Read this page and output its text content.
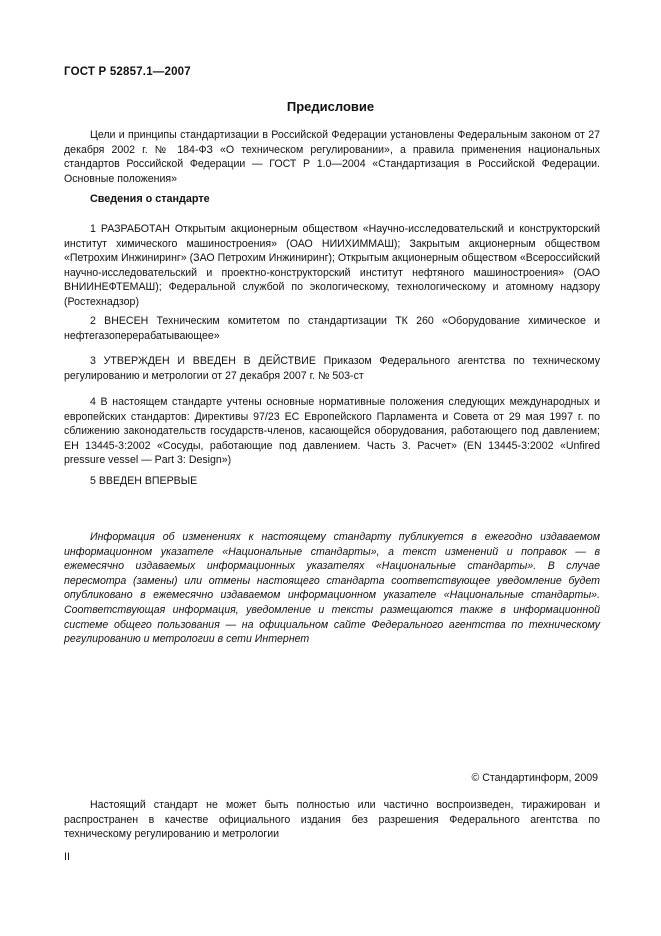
ГОСТ Р 52857.1—2007
Предисловие

Цели и принципы стандартизации в Российской Федерации установлены Федеральным законом от 27 декабря 2002 г. № 184-ФЗ «О техническом регулировании», а правила применения национальных стандартов Российской Федерации — ГОСТ Р 1.0—2004 «Стандартизация в Российской Федерации. Основные положения»

Сведения о стандарте

1 РАЗРАБОТАН Открытым акционерным обществом «Научно-исследовательский и конструкторский институт химического машиностроения» (ОАО НИИХИММАШ); Закрытым акционерным обществом «Петрохим Инжиниринг» (ЗАО Петрохим Инжиниринг); Открытым акционерным обществом «Всероссийский научно-исследовательский и проектно-конструкторский институт нефтяного машиностроения» (ОАО ВНИИНЕФТЕМАШ); Федеральной службой по экологическому, технологическому и атомному надзору (Ростехнадзор)

2 ВНЕСЕН Техническим комитетом по стандартизации ТК 260 «Оборудование химическое и нефтегазоперерабатывающее»

3 УТВЕРЖДЕН И ВВЕДЕН В ДЕЙСТВИЕ Приказом Федерального агентства по техническому регулированию и метрологии от 27 декабря 2007 г. № 503-ст

4 В настоящем стандарте учтены основные нормативные положения следующих международных и европейских стандартов: Директивы 97/23 ЕС Европейского Парламента и Совета от 29 мая 1997 г. по сближению законодательств государств-членов, касающейся оборудования, работающего под давлением; ЕН 13445-3:2002 «Сосуды, работающие под давлением. Часть 3. Расчет» (EN 13445-3:2002 «Unfired pressure vessel — Part 3: Design»)

5 ВВЕДЕН ВПЕРВЫЕ

Информация об изменениях к настоящему стандарту публикуется в ежегодно издаваемом информационном указателе «Национальные стандарты», а текст изменений и поправок — в ежемесячно издаваемых информационных указателях «Национальные стандарты». В случае пересмотра (замены) или отмены настоящего стандарта соответствующее уведомление будет опубликовано в ежемесячно издаваемом информационном указателе «Национальные стандарты». Соответствующая информация, уведомление и тексты размещаются также в информационной системе общего пользования — на официальном сайте Федерального агентства по техническому регулированию и метрологии в сети Интернет

© Стандартинформ, 2009

Настоящий стандарт не может быть полностью или частично воспроизведен, тиражирован и распространен в качестве официального издания без разрешения Федерального агентства по техническому регулированию и метрологии

II
